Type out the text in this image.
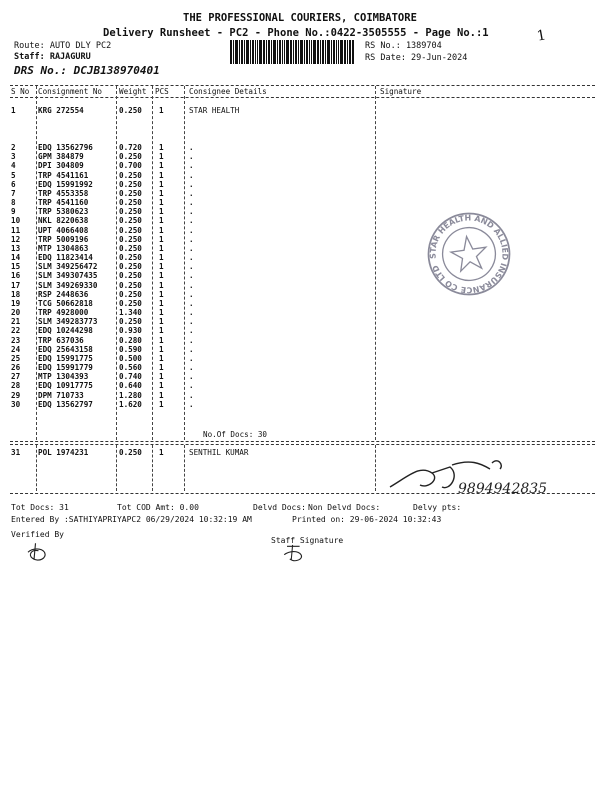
THE PROFESSIONAL COURIERS, COIMBATORE
Delivery Runsheet - PC2 - Phone No.:0422-3505555 - Page No.:1	1
Route: AUTO DLY PC2
Staff: RAJAGURU
DRS No.: DCJB138970401
RS No.: 1389704
RS Date: 29-Jun-2024
S No Consignment No Weight PCS	Consignee Details	Signature
1	KRG 272554	0.250 1	STAR HEALTH
2	EDQ 13562796	0.720 1	.
3	GPM 384879	0.250 1	.
4	DPI 304809	0.700 1	.
5	TRP 4541161	0.250 1	.
6	EDQ 15991992	0.250 1	.
7	TRP 4553358	0.250 1	.
8	TRP 4541160	0.250 1	.
9	TRP 5380623	0.250 1	.
10 NKL 8220638	0.250 1	.
11 UPT 4066408	0.250 1	.
12 TRP 5009196	0.250 1	.
13 MTP 1304863	0.250 1	.
14 EDQ 11823414	0.250 1	.
15 SLM 349256472	0.250 1	.
16 SLM 349307435	0.250 1	.
17 SLM 349269330	0.250 1	.
18 RSP 2448636	0.250 1	.
19 TCG 50662818	0.250 1	.
20 TRP 4928000	1.340 1	.
21 SLM 349283773	0.250 1	.
22 EDQ 10244298	0.930 1	.
23 TRP 637036	0.280 1	.
24 EDQ 25643158	0.590 1	.
25 EDQ 15991775	0.500 1	.
26 EDQ 15991779	0.560 1	.
27 MTP 1304393	0.740 1	.
28 EDQ 10917775	0.640 1	.
29 DPM 710733	1.280 1	.
30 EDQ 13562797	1.620 1	.
No.Of Docs: 30
STAR HEALTH AND ALLIED INSURANCE CO LTD
31 POL 1974231	0.250 1	SENTHIL KUMAR
9894942835
Tot Docs: 31	Tot COD Amt: 0.00	Delvd Docs: Non Delvd Docs:	Delvy pts:
Entered By :SATHIYAPRIYAPC2 06/29/2024 10:32:19 AM	Printed on: 29-06-2024 10:32:43
Verified By
Staff Signature
